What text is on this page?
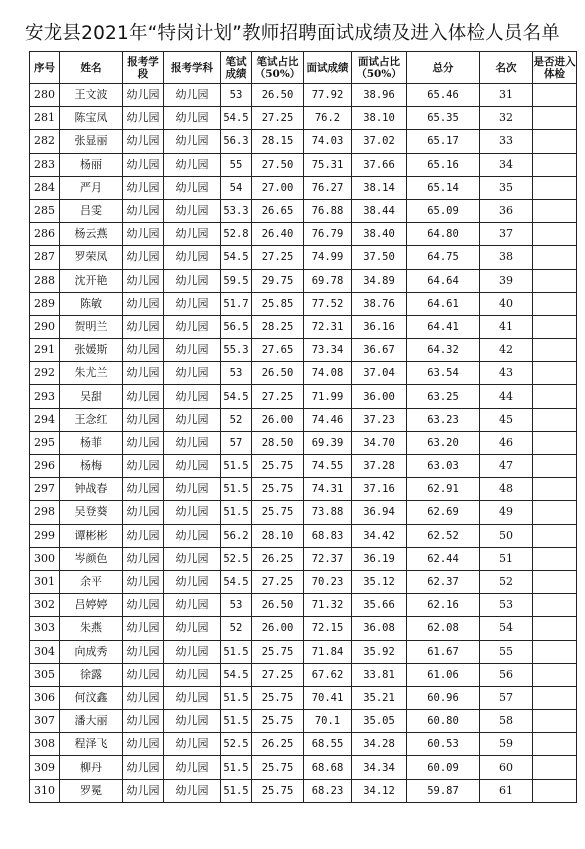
安龙县2021年“特岗计划”教师招聘面试成绩及进入体检人员名单
序号	姓名	报考学段	报考学科	笔试成绩	笔试占比（50%）	面试成绩	面试占比（50%）	总分	名次	是否进入体检
280	王文波	幼儿园	幼儿园	53	26.50	77.92	38.96	65.46	31	
281	陈宝凤	幼儿园	幼儿园	54.5	27.25	76.2	38.10	65.35	32	
282	张显丽	幼儿园	幼儿园	56.3	28.15	74.03	37.02	65.17	33	
283	杨丽	幼儿园	幼儿园	55	27.50	75.31	37.66	65.16	34	
284	严月	幼儿园	幼儿园	54	27.00	76.27	38.14	65.14	35	
285	吕雯	幼儿园	幼儿园	53.3	26.65	76.88	38.44	65.09	36	
286	杨云燕	幼儿园	幼儿园	52.8	26.40	76.79	38.40	64.80	37	
287	罗荣凤	幼儿园	幼儿园	54.5	27.25	74.99	37.50	64.75	38	
288	沈开艳	幼儿园	幼儿园	59.5	29.75	69.78	34.89	64.64	39	
289	陈敏	幼儿园	幼儿园	51.7	25.85	77.52	38.76	64.61	40	
290	贺明兰	幼儿园	幼儿园	56.5	28.25	72.31	36.16	64.41	41	
291	张媛斯	幼儿园	幼儿园	55.3	27.65	73.34	36.67	64.32	42	
292	朱尤兰	幼儿园	幼儿园	53	26.50	74.08	37.04	63.54	43	
293	吴甜	幼儿园	幼儿园	54.5	27.25	71.99	36.00	63.25	44	
294	王念红	幼儿园	幼儿园	52	26.00	74.46	37.23	63.23	45	
295	杨菲	幼儿园	幼儿园	57	28.50	69.39	34.70	63.20	46	
296	杨梅	幼儿园	幼儿园	51.5	25.75	74.55	37.28	63.03	47	
297	钟战春	幼儿园	幼儿园	51.5	25.75	74.31	37.16	62.91	48	
298	吴登葵	幼儿园	幼儿园	51.5	25.75	73.88	36.94	62.69	49	
299	谭彬彬	幼儿园	幼儿园	56.2	28.10	68.83	34.42	62.52	50	
300	岑颜色	幼儿园	幼儿园	52.5	26.25	72.37	36.19	62.44	51	
301	余平	幼儿园	幼儿园	54.5	27.25	70.23	35.12	62.37	52	
302	吕婷婷	幼儿园	幼儿园	53	26.50	71.32	35.66	62.16	53	
303	朱燕	幼儿园	幼儿园	52	26.00	72.15	36.08	62.08	54	
304	向成秀	幼儿园	幼儿园	51.5	25.75	71.84	35.92	61.67	55	
305	徐露	幼儿园	幼儿园	54.5	27.25	67.62	33.81	61.06	56	
306	何汶鑫	幼儿园	幼儿园	51.5	25.75	70.41	35.21	60.96	57	
307	潘大丽	幼儿园	幼儿园	51.5	25.75	70.1	35.05	60.80	58	
308	程泽飞	幼儿园	幼儿园	52.5	26.25	68.55	34.28	60.53	59	
309	柳丹	幼儿园	幼儿园	51.5	25.75	68.68	34.34	60.09	60	
310	罗冕	幼儿园	幼儿园	51.5	25.75	68.23	34.12	59.87	61	
